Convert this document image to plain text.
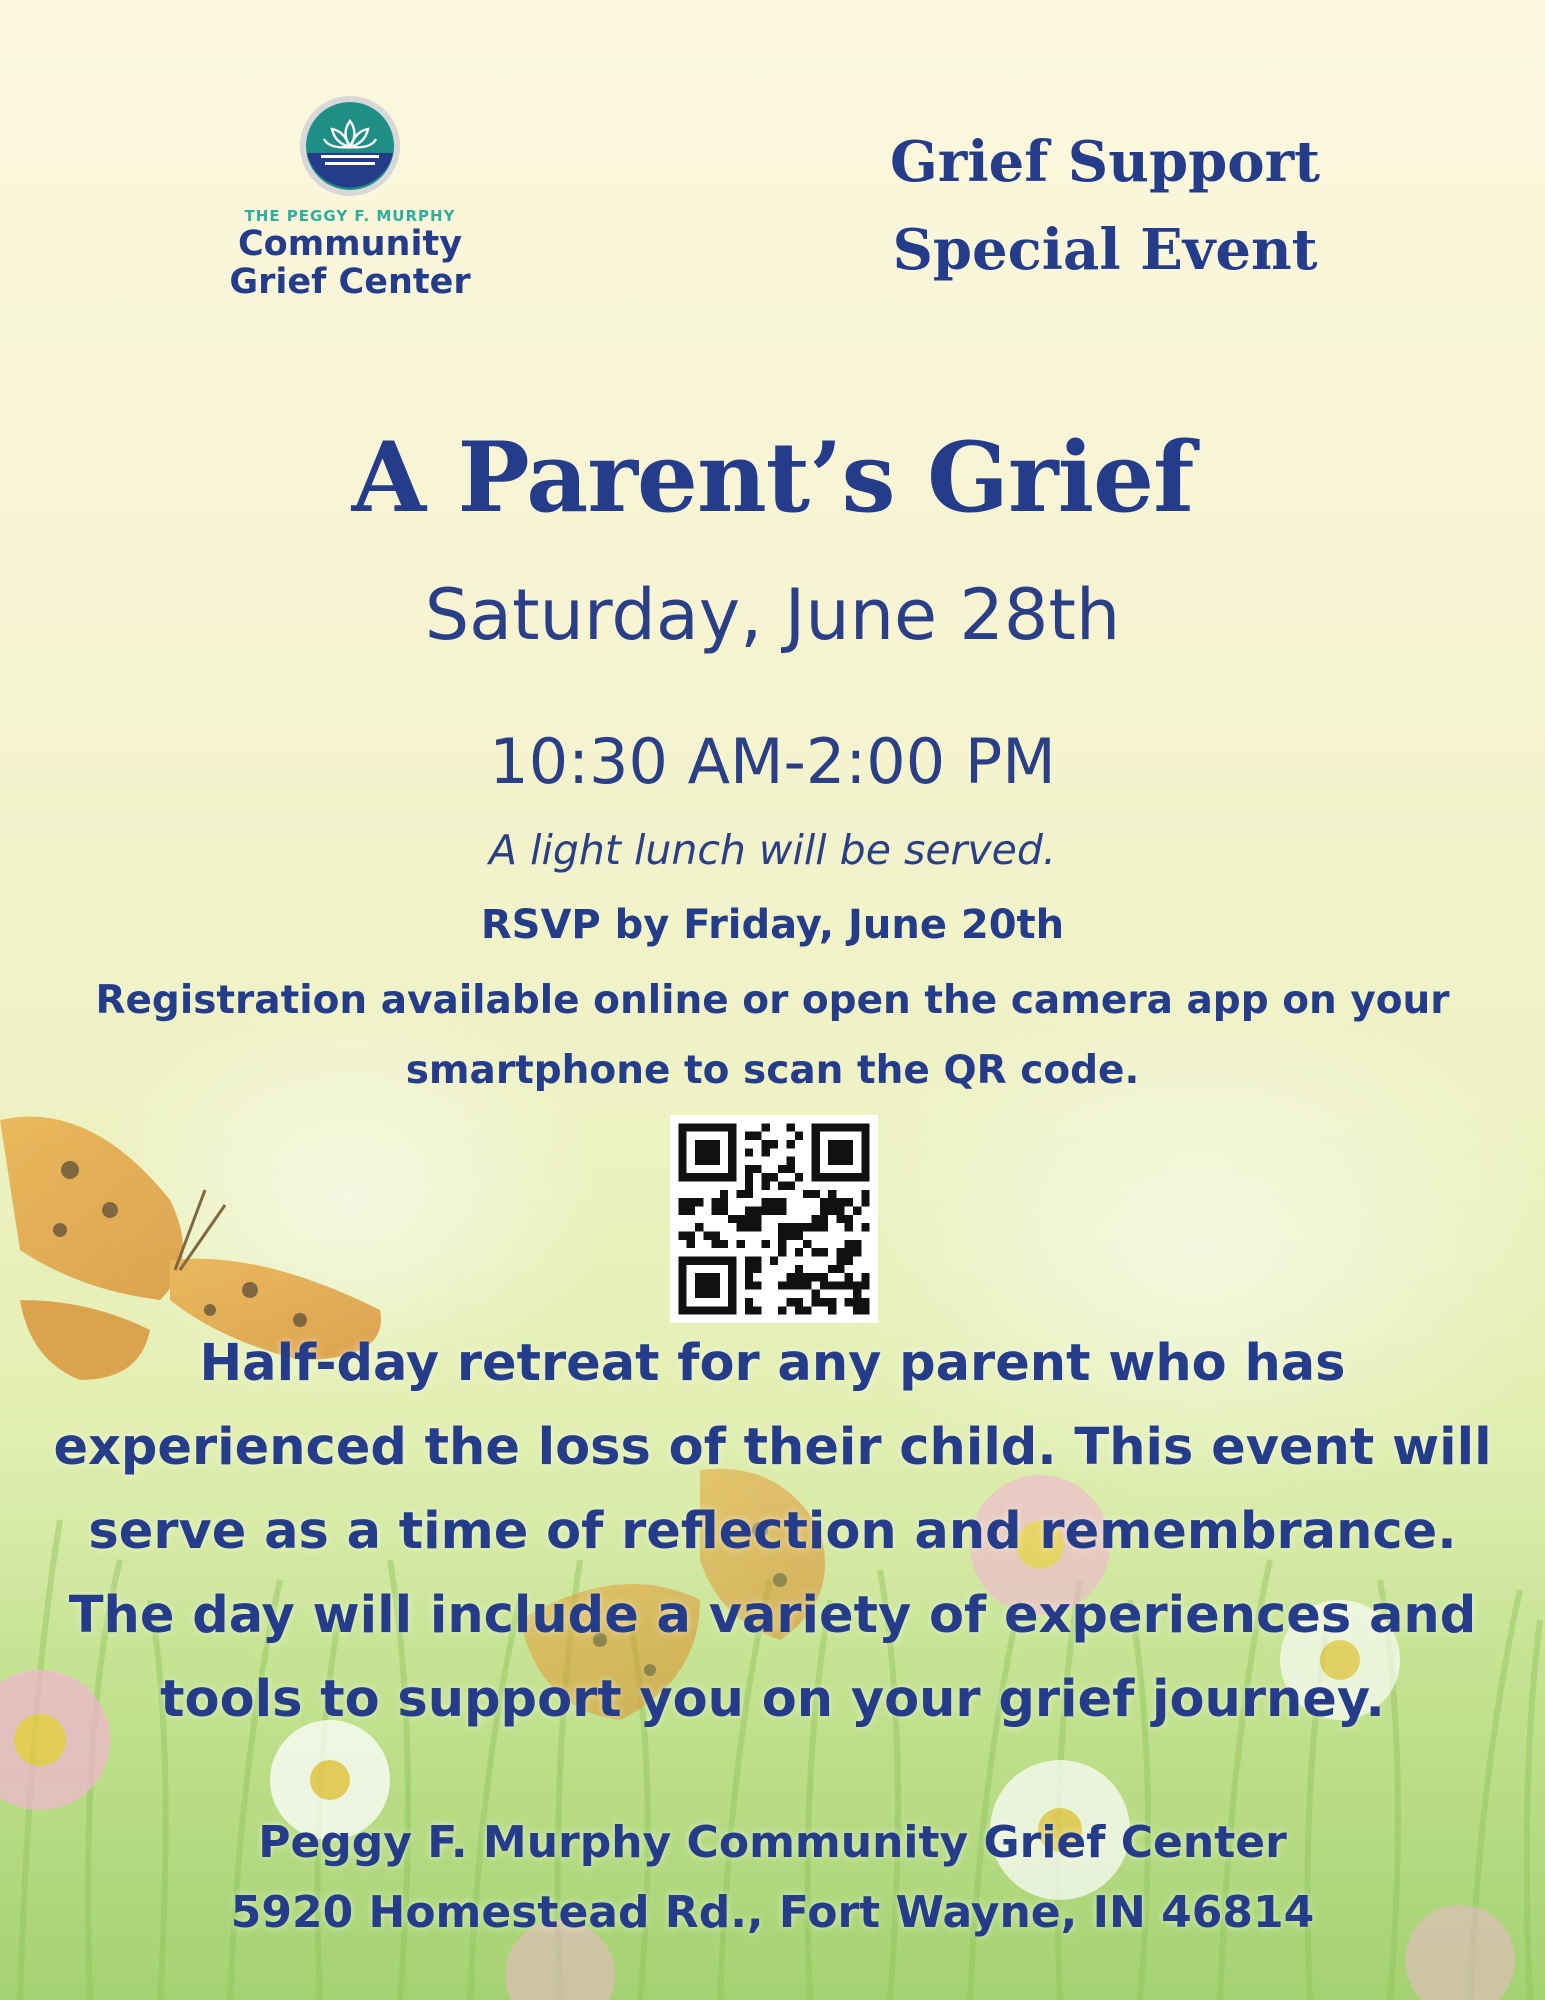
THE PEGGY F. MURPHY
Community
Grief Center
Grief Support
Special Event
A Parent’s Grief
Saturday, June 28th
10:30 AM-2:00 PM
A light lunch will be served.
RSVP by Friday, June 20th
Registration available online or open the camera app on your
smartphone to scan the QR code.
Half-day retreat for any parent who has
experienced the loss of their child. This event will
serve as a time of reflection and remembrance.
The day will include a variety of experiences and
tools to support you on your grief journey.
Peggy F. Murphy Community Grief Center
5920 Homestead Rd., Fort Wayne, IN 46814
